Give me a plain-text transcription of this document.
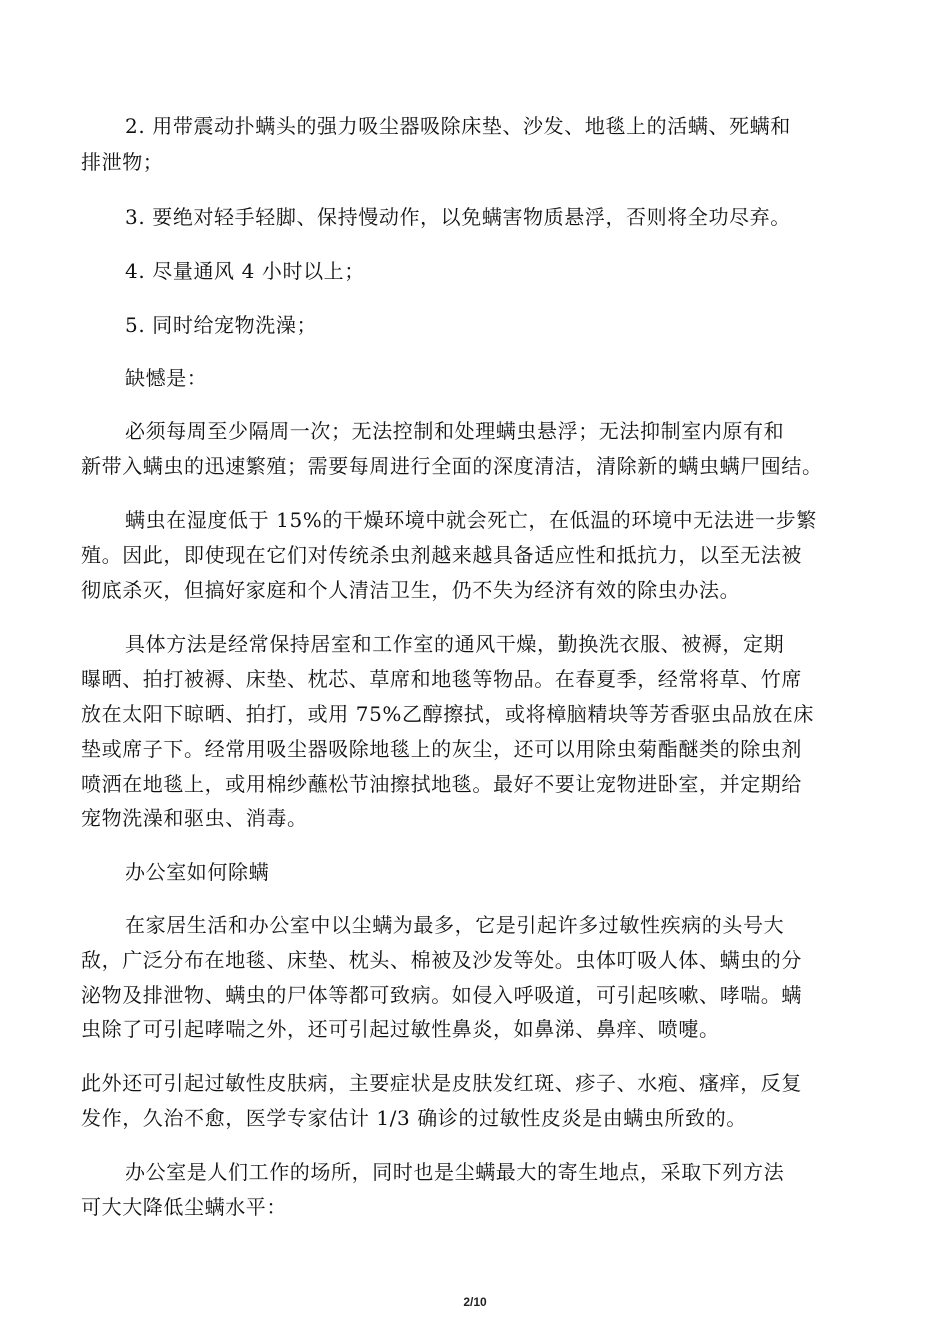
2. 用带震动扑螨头的强力吸尘器吸除床垫、沙发、地毯上的活螨、死螨和
排泄物；
3. 要绝对轻手轻脚、保持慢动作，以免螨害物质悬浮，否则将全功尽弃。
4. 尽量通风 4 小时以上；
5. 同时给宠物洗澡；
缺憾是：
必须每周至少隔周一次；无法控制和处理螨虫悬浮；无法抑制室内原有和
新带入螨虫的迅速繁殖；需要每周进行全面的深度清洁，清除新的螨虫螨尸囤结。
螨虫在湿度低于 15%的干燥环境中就会死亡，在低温的环境中无法进一步繁
殖。因此，即使现在它们对传统杀虫剂越来越具备适应性和抵抗力，以至无法被
彻底杀灭，但搞好家庭和个人清洁卫生，仍不失为经济有效的除虫办法。
具体方法是经常保持居室和工作室的通风干燥，勤换洗衣服、被褥，定期
曝晒、拍打被褥、床垫、枕芯、草席和地毯等物品。在春夏季，经常将草、竹席
放在太阳下晾晒、拍打，或用 75%乙醇擦拭，或将樟脑精块等芳香驱虫品放在床
垫或席子下。经常用吸尘器吸除地毯上的灰尘，还可以用除虫菊酯醚类的除虫剂
喷洒在地毯上，或用棉纱蘸松节油擦拭地毯。最好不要让宠物进卧室，并定期给
宠物洗澡和驱虫、消毒。
办公室如何除螨
在家居生活和办公室中以尘螨为最多，它是引起许多过敏性疾病的头号大
敌，广泛分布在地毯、床垫、枕头、棉被及沙发等处。虫体叮吸人体、螨虫的分
泌物及排泄物、螨虫的尸体等都可致病。如侵入呼吸道，可引起咳嗽、哮喘。螨
虫除了可引起哮喘之外，还可引起过敏性鼻炎，如鼻涕、鼻痒、喷嚏。
此外还可引起过敏性皮肤病，主要症状是皮肤发红斑、疹子、水疱、瘙痒，反复
发作，久治不愈，医学专家估计 1/3 确诊的过敏性皮炎是由螨虫所致的。
办公室是人们工作的场所，同时也是尘螨最大的寄生地点，采取下列方法
可大大降低尘螨水平：
2/10
